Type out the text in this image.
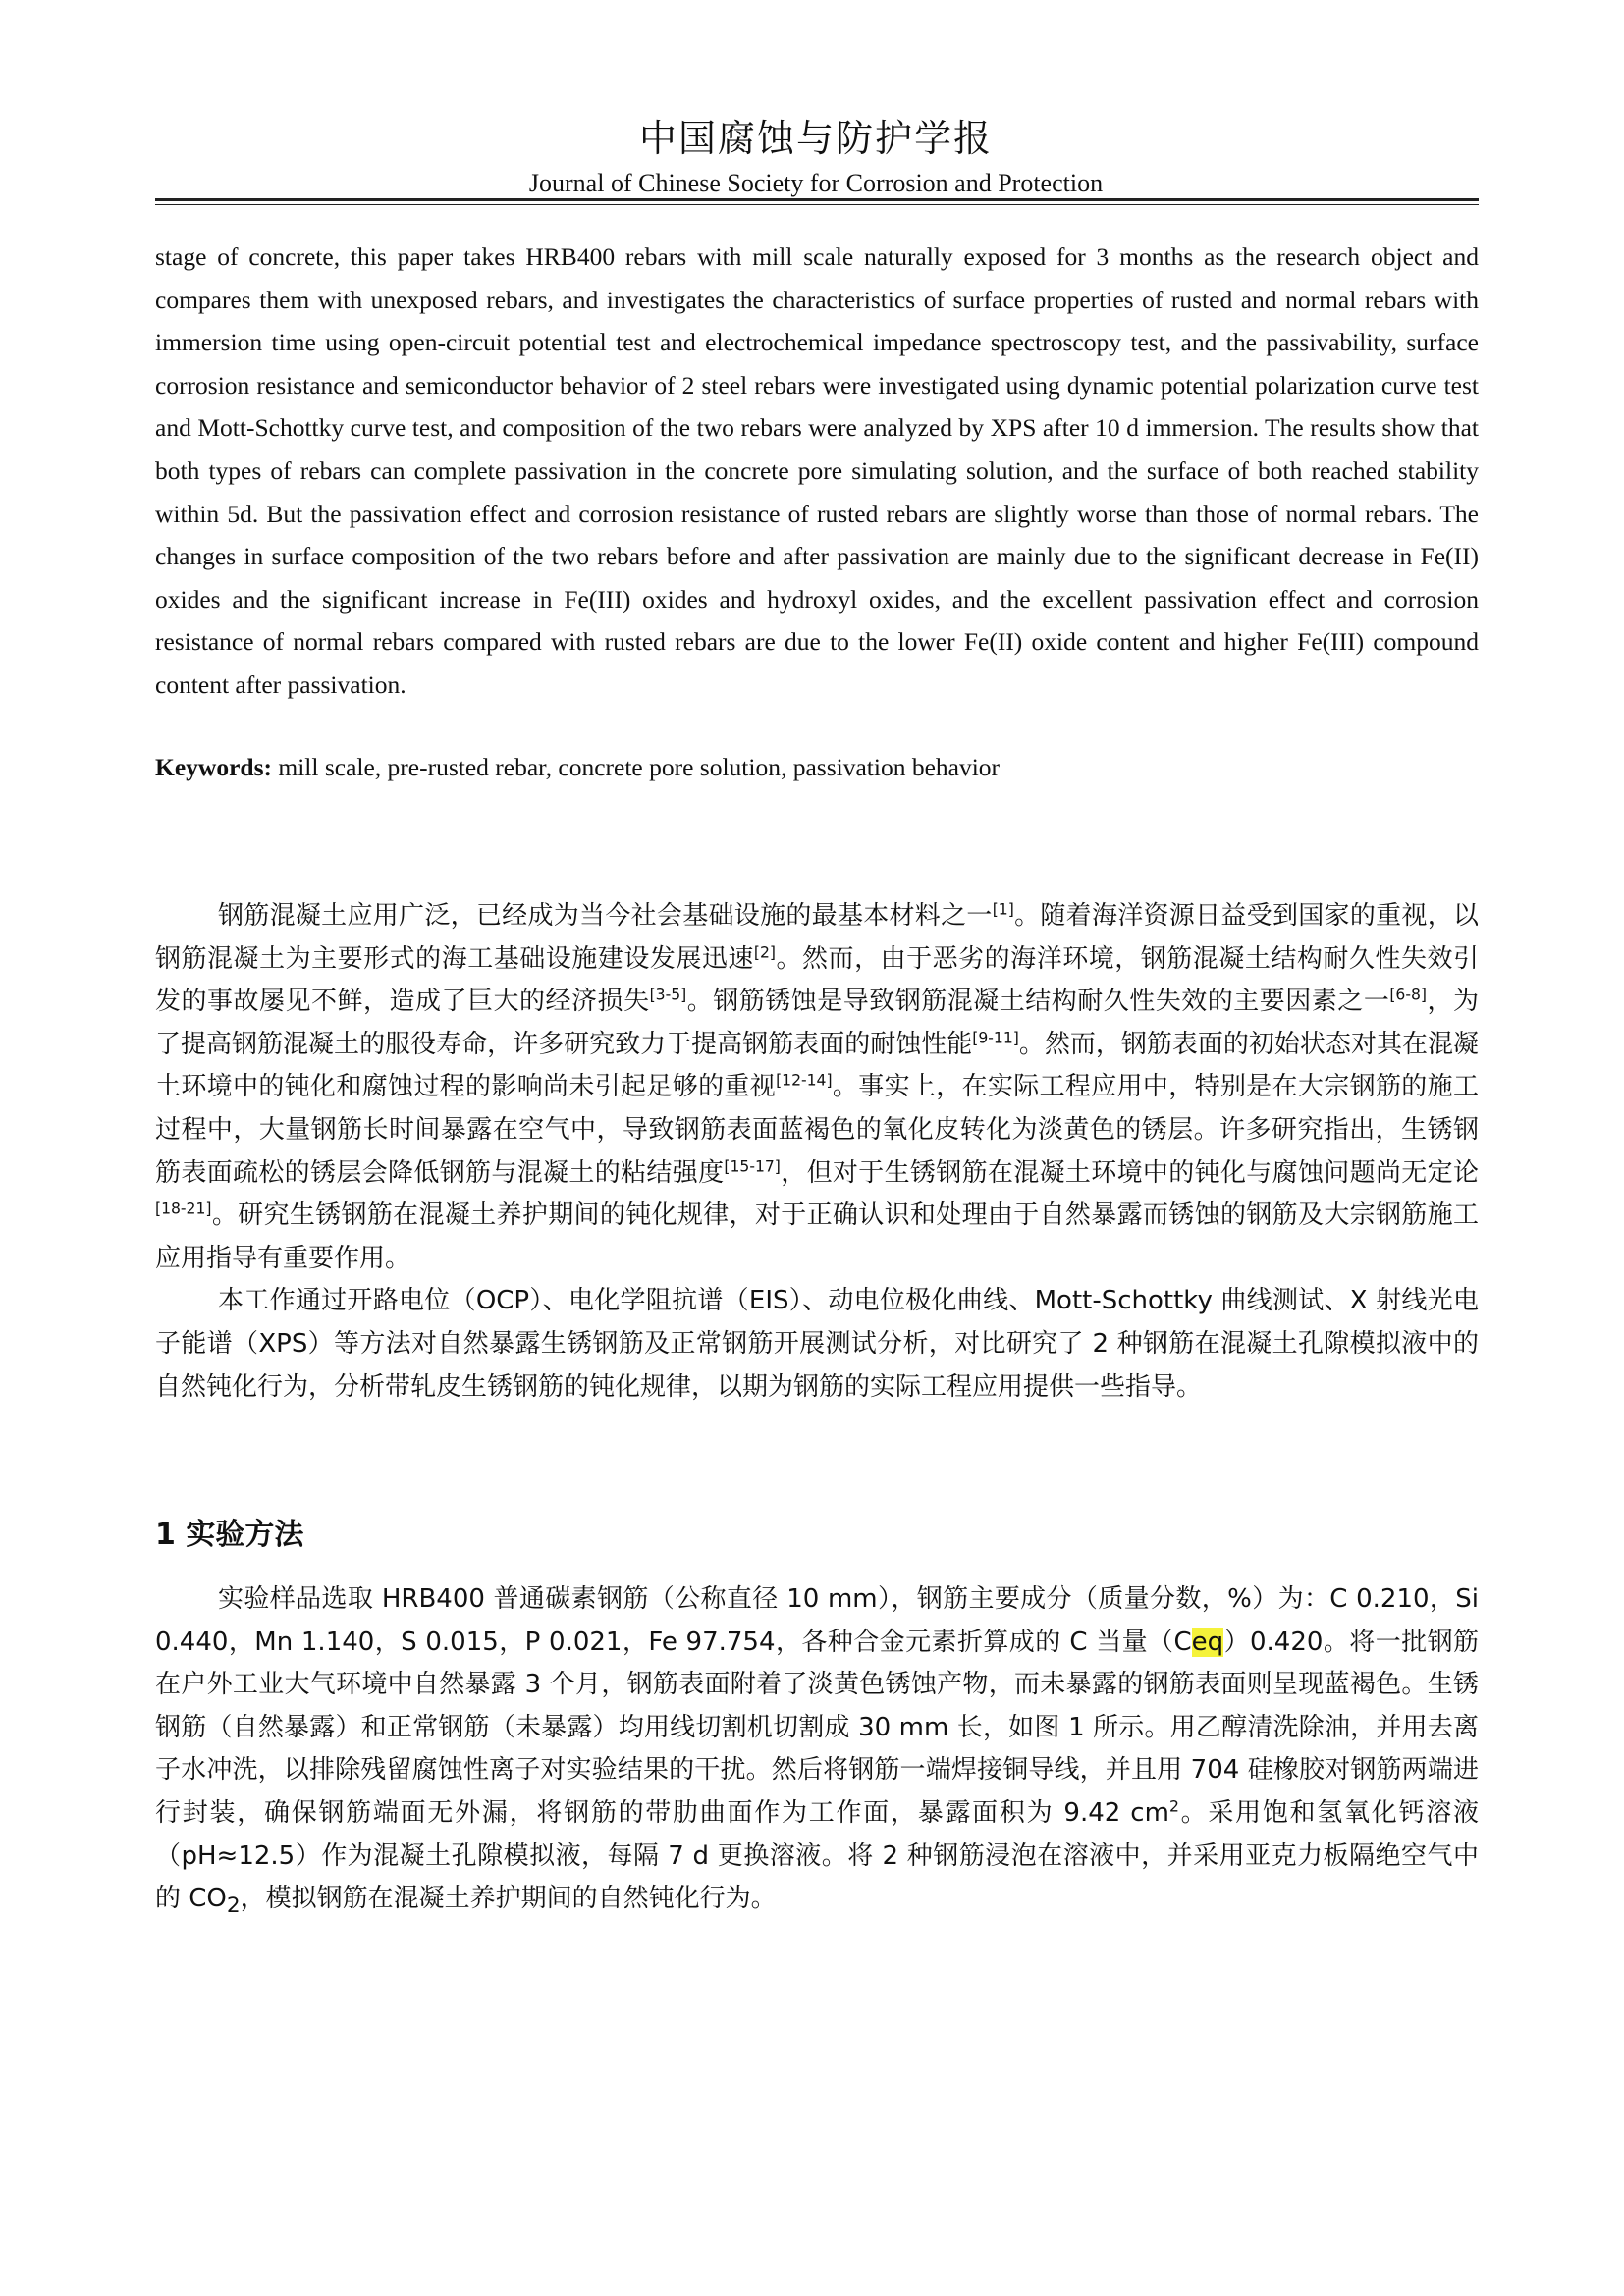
中国腐蚀与防护学报
Journal of Chinese Society for Corrosion and Protection
stage of concrete, this paper takes HRB400 rebars with mill scale naturally exposed for 3 months as the research object and compares them with unexposed rebars, and investigates the characteristics of surface properties of rusted and normal rebars with immersion time using open-circuit potential test and electrochemical impedance spectroscopy test, and the passivability, surface corrosion resistance and semiconductor behavior of 2 steel rebars were investigated using dynamic potential polarization curve test and Mott-Schottky curve test, and composition of the two rebars were analyzed by XPS after 10 d immersion. The results show that both types of rebars can complete passivation in the concrete pore simulating solution, and the surface of both reached stability within 5d. But the passivation effect and corrosion resistance of rusted rebars are slightly worse than those of normal rebars. The changes in surface composition of the two rebars before and after passivation are mainly due to the significant decrease in Fe(II) oxides and the significant increase in Fe(III) oxides and hydroxyl oxides, and the excellent passivation effect and corrosion resistance of normal rebars compared with rusted rebars are due to the lower Fe(II) oxide content and higher Fe(III) compound content after passivation.
Keywords: mill scale, pre-rusted rebar, concrete pore solution, passivation behavior

钢筋混凝土应用广泛，已经成为当今社会基础设施的最基本材料之一[1]。随着海洋资源日益受到国家的重视，以钢筋混凝土为主要形式的海工基础设施建设发展迅速[2]。然而，由于恶劣的海洋环境，钢筋混凝土结构耐久性失效引发的事故屡见不鲜，造成了巨大的经济损失[3-5]。钢筋锈蚀是导致钢筋混凝土结构耐久性失效的主要因素之一[6-8]，为了提高钢筋混凝土的服役寿命，许多研究致力于提高钢筋表面的耐蚀性能[9-11]。然而，钢筋表面的初始状态对其在混凝土环境中的钝化和腐蚀过程的影响尚未引起足够的重视[12-14]。事实上，在实际工程应用中，特别是在大宗钢筋的施工过程中，大量钢筋长时间暴露在空气中，导致钢筋表面蓝褐色的氧化皮转化为淡黄色的锈层。许多研究指出，生锈钢筋表面疏松的锈层会降低钢筋与混凝土的粘结强度[15-17]，但对于生锈钢筋在混凝土环境中的钝化与腐蚀问题尚无定论[18-21]。研究生锈钢筋在混凝土养护期间的钝化规律，对于正确认识和处理由于自然暴露而锈蚀的钢筋及大宗钢筋施工应用指导有重要作用。

本工作通过开路电位（OCP）、电化学阻抗谱（EIS）、动电位极化曲线、Mott-Schottky 曲线测试、X 射线光电子能谱（XPS）等方法对自然暴露生锈钢筋及正常钢筋开展测试分析，对比研究了 2 种钢筋在混凝土孔隙模拟液中的自然钝化行为，分析带轧皮生锈钢筋的钝化规律，以期为钢筋的实际工程应用提供一些指导。

1 实验方法

实验样品选取 HRB400 普通碳素钢筋（公称直径 10 mm），钢筋主要成分（质量分数，%）为：C 0.210，Si 0.440，Mn 1.140，S 0.015，P 0.021，Fe 97.754，各种合金元素折算成的 C 当量（Ceq）0.420。将一批钢筋在户外工业大气环境中自然暴露 3 个月，钢筋表面附着了淡黄色锈蚀产物，而未暴露的钢筋表面则呈现蓝褐色。生锈钢筋（自然暴露）和正常钢筋（未暴露）均用线切割机切割成 30 mm 长，如图 1 所示。用乙醇清洗除油，并用去离子水冲洗，以排除残留腐蚀性离子对实验结果的干扰。然后将钢筋一端焊接铜导线，并且用 704 硅橡胶对钢筋两端进行封装，确保钢筋端面无外漏，将钢筋的带肋曲面作为工作面，暴露面积为 9.42 $cm^2$。采用饱和氢氧化钙溶液（pH≈12.5）作为混凝土孔隙模拟液，每隔 7 d 更换溶液。将 2 种钢筋浸泡在溶液中，并采用亚克力板隔绝空气中的 $CO_2$，模拟钢筋在混凝土养护期间的自然钝化行为。
